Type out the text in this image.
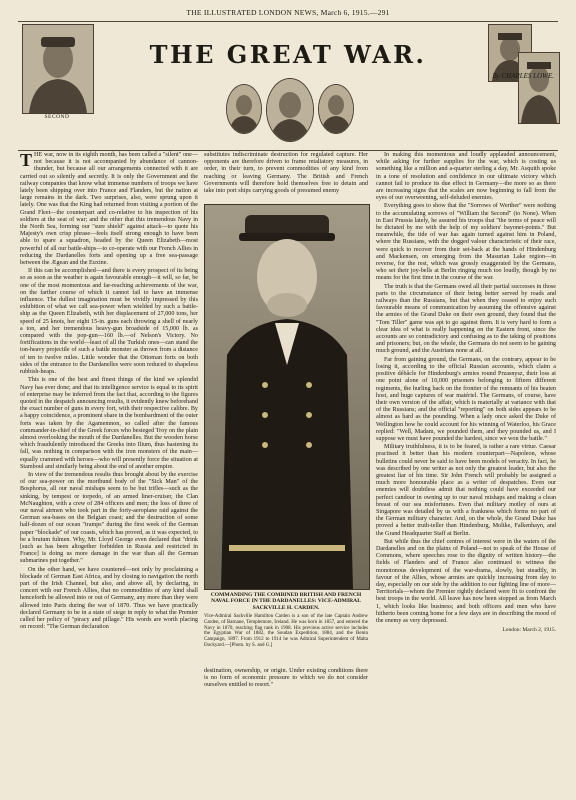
THE ILLUSTRATED LONDON NEWS, March 6, 1915.—291
SECOND
THE GREAT WAR.
By CHARLES LOWE.

THE war, now in its eighth month, has been called a "silent" one—not because it is not accompanied by abundance of cannon-thunder, but because all our arrangements connected with it are carried out so silently and secretly. It is only the Government and the railway companies that know what immense numbers of troops we have lately been shipping over into France and Flanders, but the nation at large remains in the dark. Two surprises, also, were sprung upon it lately. One was that the King had returned from visiting a portion of the Grand Fleet—the counterpart and co-relative to his inspection of his soldiers at the seat of war; and the other that this tremendous Navy in the North Sea, forming our "sure shield" against attack—to quote his Majesty's own crisp phrase—feels itself strong enough to have been able to spare a squadron, headed by the Queen Elizabeth—most powerful of all our battle-ships—to co-operate with our French Allies in reducing the Dardanelles forts and opening up a free sea-passage between the Ægean and the Euxine.

If this can be accomplished—and there is every prospect of its being so as soon as the weather is again favourable enough—it will, so far, be one of the most momentous and far-reaching achievements of the war, on the farther course of which it cannot fail to have an immense influence. The dullest imagination must be vividly impressed by this exhibition of what we call sea-power when wielded by such a battle-ship as the Queen Elizabeth, with her displacement of 27,000 tons, her speed of 25 knots, her eight 15-in. guns each throwing a shell of nearly a ton, and her tremendous heavy-gun broadside of 15,000 lb. as compared with the pop-gun—160 lb.—of Nelson's Victory. No fortifications in the world—least of all the Turkish ones—can stand the ton-heavy projectile of such a battle monster as thrown from a distance of ten to twelve miles. Little wonder that the Ottoman forts on both sides of the entrance to the Dardanelles were soon reduced to shapeless rubbish-heaps.

This is one of the best and finest things of the kind we splendid Navy has ever done; and that its intelligence service is equal to its spirit of enterprise may be inferred from the fact that, according to the figures quoted in the despatch announcing results, it evidently knew beforehand the exact number of guns in every fort, with their respective calibre. By a happy coincidence, a prominent share in the bombardment of the outer forts was taken by the Agamemnon, so called after the famous commander-in-chief of the Greek forces who besieged Troy on the plain almost overlooking the mouth of the Dardanelles. But the wooden horse which fraudulently introduced the Greeks into Ilium, thus hastening its fall, was nothing in comparison with the iron monsters of the main—equally crammed with heroes—who will presently force the situation at Stamboul and similarly being about the end of another empire.

In view of the tremendous results thus brought about by the exercise of our sea-power on the moribund body of the "Sick Man" of the Bosphorus, all our naval mishaps seem to be but trifles—such as the sinking, by tempest or torpedo, of an armed liner-cruiser, the Clan McNaughton, with a crew of 284 officers and men; the loss of three of our naval airmen who took part in the forty-aeroplane raid against the German sea-bases on the Belgian coast; and the destruction of some half-dozen of our ocean "tramps" during the first week of the German paper "blockade" of our coasts, which has proved, as it was expected, to be a brutum fulmen. Why, Mr. Lloyd George even declared that "drink [such as has been altogether forbidden in Russia and restricted in France] is doing us more damage in the war than all the German submarines put together."

On the other hand, we have countered—not only by proclaiming a blockade of German East Africa, and by closing to navigation the north part of the Irish Channel, but also, and above all, by declaring, in concert with our French Allies, that no commodities of any kind shall henceforth be allowed into or out of Germany, any more than they were allowed into Paris during the war of 1870. Thus we have practically declared Germany to be in a state of siege in reply to what the Premier called her policy of "piracy and pillage." His words are worth placing on record: "The German declaration

substitutes indiscriminate destruction for regulated capture. Her opponents are therefore driven to frame retaliatory measures, in order, in their turn, to prevent commodities of any kind from reaching or leaving Germany. The British and French Governments will therefore hold themselves free to detain and take into port ships carrying goods of presumed enemy
COMMANDING THE COMBINED BRITISH AND FRENCH NAVAL FORCE IN THE DARDANELLES: VICE-ADMIRAL SACKVILLE H. CARDEN.
Vice-Admiral Sackville Hamilton Carden is a son of the late Captain Andrew Carden, of Barnane, Templemore, Ireland. He was born in 1857, and entered the Navy in 1870, reaching flag rank in 1908. His previous active service includes the Egyptian War of 1882, the Soudan Expedition, 1884, and the Benin Campaign, 1897. From 1912 to 1914 he was Admiral Superintendent of Malta Dockyard.—[Photo. by S. and G.]
destination, ownership, or origin. Under existing conditions there is no form of economic pressure to which we do not consider ourselves entitled to resort."

In making this momentous and loudly applauded announcement, while asking for further supplies for the war, which is costing us something like a million and a-quarter sterling a day, Mr. Asquith spoke in a tone of resolution and confidence in our ultimate victory which cannot fail to produce its due effect in Germany—the more so as there are increasing signs that the scales are now beginning to fall from the eyes of our overweening, self-deluded enemies.

Everything goes to show that the "Sorrows of Werther" were nothing to the accumulating sorrows of "William the Second" (to None). When in East Prussia lately, he assured his troops that "the terms of peace will be dictated by me with the help of my soldiers' bayonet-points." But meanwhile, the tide of war has again turned against him in Poland, where the Russians, with the dogged valour characteristic of their race, were quick to recover from their set-back at the hands of Hindenburg and Mackensen, on emerging from the Masurian Lake region—in reverse, for the rest, which was grossly exaggerated by the Germans, who set their joy-bells at Berlin ringing much too loudly, though by no means for the first time in the course of the war.

The truth is that the Germans owed all their partial successes in those parts to the circumstance of their being better served by roads and railways than the Russians, but that when they ceased to enjoy such favourable means of communication by assuming the offensive against the armies of the Grand Duke on their own ground, they found that the "Tom Tiller" game was apt to go against them. It is very hard to form a clear idea of what is really happening on the Eastern front, since the accounts are so contradictory and confusing as to the taking of positions and prisoners; but, on the whole, the Germans do not seem to be gaining much ground, and the Austrians none at all.

Far from gaining ground, the Germans, on the contrary, appear to be losing it, according to the official Russian accounts, which claim a positive débâcle for Hindenburg's armies round Przasnysz, their loss at one point alone of 10,000 prisoners belonging to fifteen different regiments, the hurling back on the frontier of the remnants of his beaten host, and huge captures of war matériel. The Germans, of course, have their own version of the affair, which is materially at variance with that of the Russians; and the official "reporting" on both sides appears to be almost as hard as the pounding. When a lady once asked the Duke of Wellington how he could account for his winning of Waterloo, his Grace replied: "Well, Madam, we pounded them, and they pounded us, and I suppose we must have pounded the hardest, since we won the battle."

Military truthfulness, it is to be feared, is rather a rare virtue. Caesar practised it better than his modern counterpart—Napoleon, whose bulletins could never be said to have been models of veracity. In fact, he was described by one writer as not only the greatest leader, but also the greatest liar of his time. Sir John French will probably be assigned a much more honourable place as a writer of despatches. Even our enemies will doubtless admit that nothing could have exceeded our perfect candour in owning up to our naval mishaps and making a clean breast of our sea misfortunes. Even that military motley of ours at Singapore was detailed by us with a frankness which forms no part of the German military character. And, on the whole, the Grand Duke has proved a better truth-teller than Hindenburg, Moltke, Falkenhayn, and the Grand Headquarter Staff at Berlin.

But while thus the chief centres of interest were in the waters of the Dardanelles and on the plains of Poland—not to speak of the House of Commons, where speeches rose to the dignity of written history—the fields of Flanders and of France also continued to witness the monotonous development of the war-drama, slowly, but steadily, in favour of the Allies, whose armies are quickly increasing from day to day, especially on our side by the addition to our fighting line of more—Territorials—whom the Premier rightly declared were fit to confront the best troops in the world. All leave has now been stopped as from March 1, which looks like business; and both officers and men who have hitherto been coming home for a few days are in describing the mood of the enemy as very depressed.

London: March 2, 1915.
